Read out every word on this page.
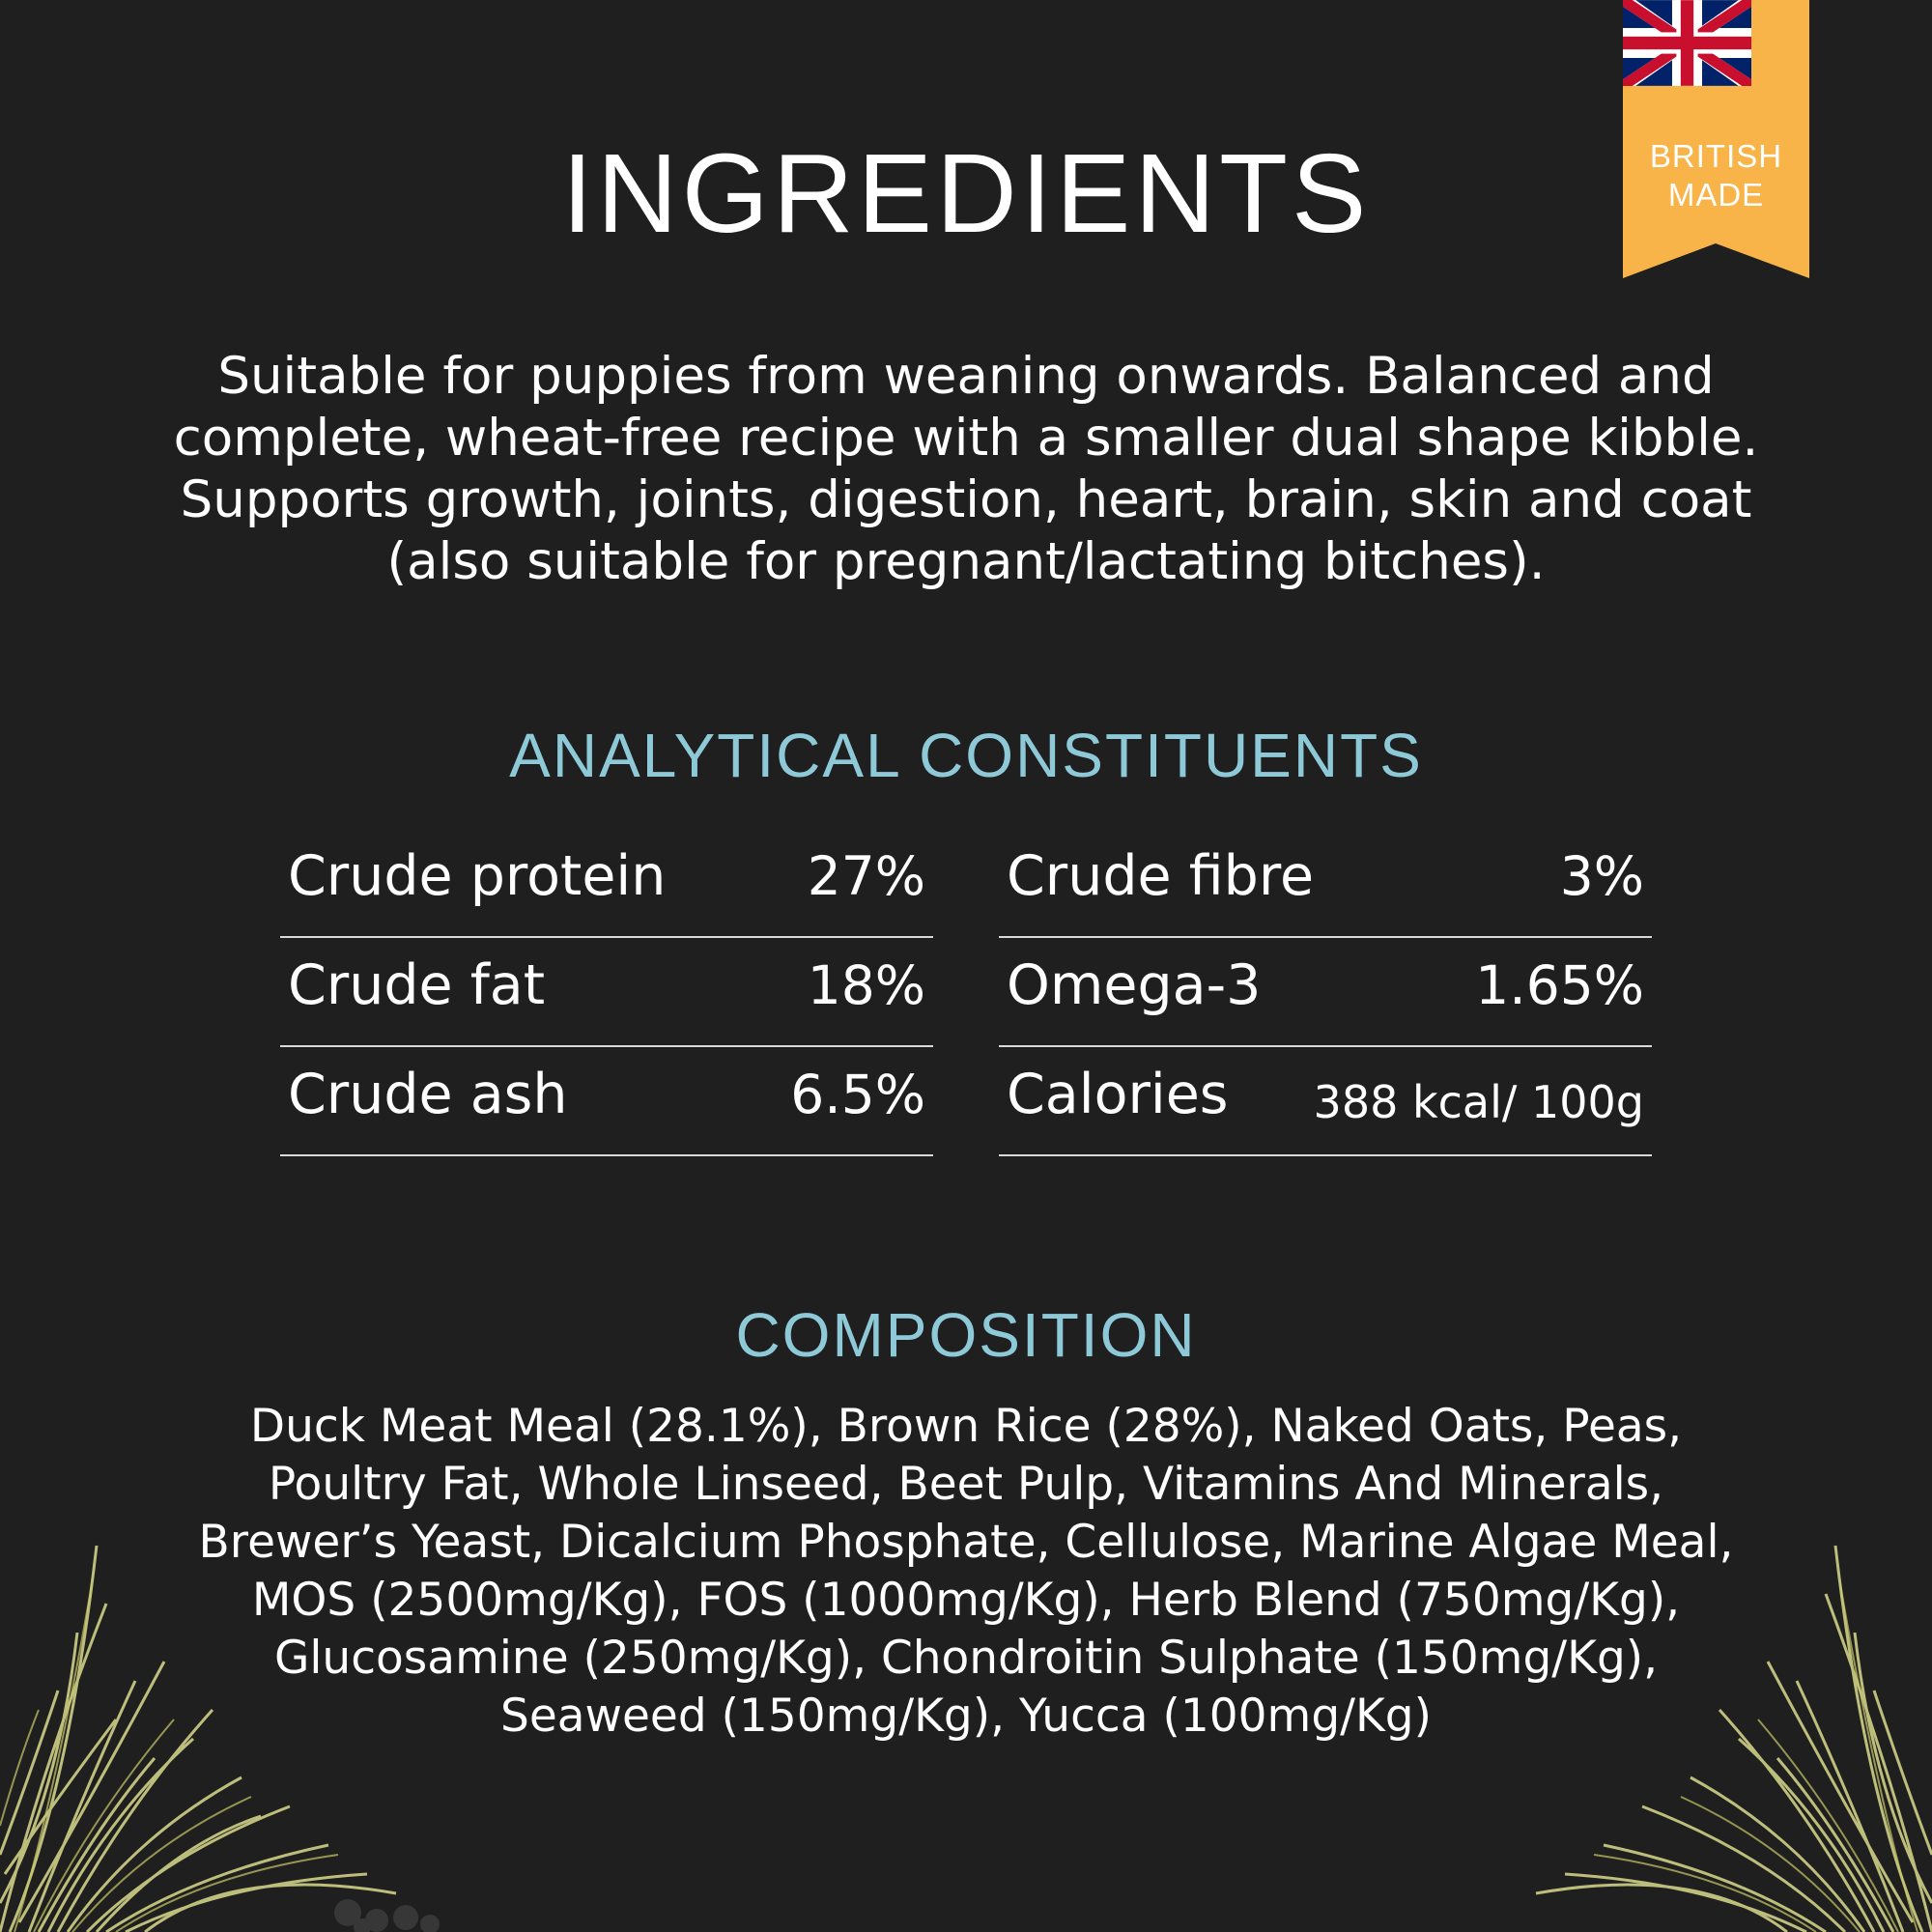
BRITISH
MADE
INGREDIENTS
Suitable for puppies from weaning onwards. Balanced and complete, wheat-free recipe with a smaller dual shape kibble. Supports growth, joints, digestion, heart, brain, skin and coat (also suitable for pregnant/lactating bitches).
ANALYTICAL CONSTITUENTS
Crude protein	27%
Crude fat	18%
Crude ash	6.5%
Crude fibre	3%
Omega-3	1.65%
Calories 388 kcal/ 100g
COMPOSITION
Duck Meat Meal (28.1%), Brown Rice (28%), Naked Oats, Peas, Poultry Fat, Whole Linseed, Beet Pulp, Vitamins And Minerals, Brewer’s Yeast, Dicalcium Phosphate, Cellulose, Marine Algae Meal, MOS (2500mg/Kg), FOS (1000mg/Kg), Herb Blend (750mg/Kg), Glucosamine (250mg/Kg), Chondroitin Sulphate (150mg/Kg), Seaweed (150mg/Kg), Yucca (100mg/Kg)
